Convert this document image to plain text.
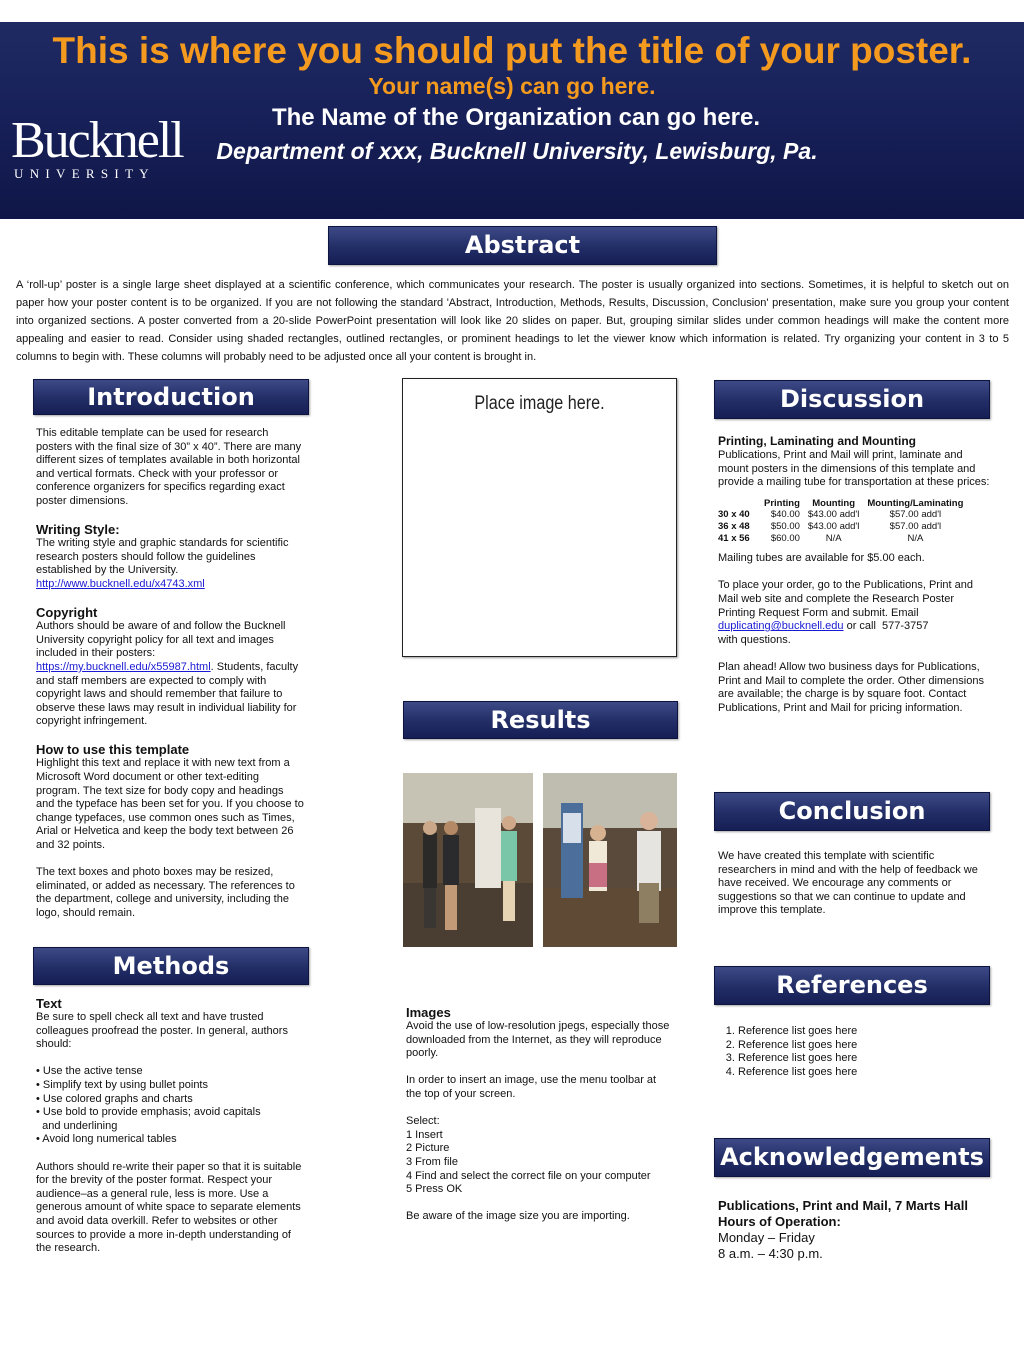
This is where you should put the title of your poster.
Your name(s) can go here.
The Name of the Organization can go here.
Department of xxx, Bucknell University, Lewisburg, Pa.
Bucknell
UNIVERSITY
Abstract
A ‘roll-up’ poster is a single large sheet displayed at a scientific conference, which communicates your research. The poster is usually organized into sections. Sometimes, it is helpful to sketch out on paper how your poster content is to be organized. If you are not following the standard 'Abstract, Introduction, Methods, Results, Discussion, Conclusion' presentation, make sure you group your content into organized sections. A poster converted from a 20-slide PowerPoint presentation will look like 20 slides on paper. But, grouping similar slides under common headings will make the content more appealing and easier to read. Consider using shaded rectangles, outlined rectangles, or prominent headings to let the viewer know which information is related. Try organizing your content in 3 to 5 columns to begin with. These columns will probably need to be adjusted once all your content is brought in.
Introduction
This editable template can be used for research posters with the final size of 30” x 40”. There are many different sizes of templates available in both horizontal and vertical formats. Check with your professor or conference organizers for specifics regarding exact poster dimensions.
Writing Style:
The writing style and graphic standards for scientific research posters should follow the guidelines established by the University.
http://www.bucknell.edu/x4743.xml
Copyright
Authors should be aware of and follow the Bucknell University copyright policy for all text and images included in their posters: https://my.bucknell.edu/x55987.html. Students, faculty and staff members are expected to comply with copyright laws and should remember that failure to observe these laws may result in individual liability for copyright infringement.
How to use this template
Highlight this text and replace it with new text from a Microsoft Word document or other text-editing program. The text size for body copy and headings and the typeface has been set for you. If you choose to change typefaces, use common ones such as Times, Arial or Helvetica and keep the body text between 26 and 32 points.
The text boxes and photo boxes may be resized, eliminated, or added as necessary. The references to the department, college and university, including the logo, should remain.
Methods
Text
Be sure to spell check all text and have trusted colleagues proofread the poster. In general, authors should:
• Use the active tense
• Simplify text by using bullet points
• Use colored graphs and charts
• Use bold to provide emphasis; avoid capitals
and underlining
• Avoid long numerical tables
Authors should re-write their paper so that it is suitable for the brevity of the poster format. Respect your audience–as a general rule, less is more. Use a generous amount of white space to separate elements and avoid data overkill. Refer to websites or other sources to provide a more in-depth understanding of the research.
Place image here.
Results
Images
Avoid the use of low-resolution jpegs, especially those downloaded from the Internet, as they will reproduce poorly.
In order to insert an image, use the menu toolbar at the top of your screen.
Select:
1 Insert
2 Picture
3 From file
4 Find and select the correct file on your computer
5 Press OK
Be aware of the image size you are importing.
Discussion
Printing, Laminating and Mounting
Publications, Print and Mail will print, laminate and mount posters in the dimensions of this template and provide a mailing tube for transportation at these prices:
	Printing	Mounting	Mounting/Laminating
30 x 40	$40.00	$43.00 add'l	$57.00 add'l
36 x 48	$50.00	$43.00 add'l	$57.00 add'l
41 x 56	$60.00	N/A	N/A
Mailing tubes are available for $5.00 each.
To place your order, go to the Publications, Print and Mail web site and complete the Research Poster Printing Request Form and submit. Email
duplicating@bucknell.edu or call  577-3757
with questions.
Plan ahead! Allow two business days for Publications, Print and Mail to complete the order. Other dimensions are available; the charge is by square foot. Contact Publications, Print and Mail for pricing information.
Conclusion
We have created this template with scientific researchers in mind and with the help of feedback we have received. We encourage any comments or suggestions so that we can continue to update and improve this template.
References
1. Reference list goes here
2. Reference list goes here
3. Reference list goes here
4. Reference list goes here
Acknowledgements
Publications, Print and Mail, 7 Marts Hall
Hours of Operation:
Monday – Friday
8 a.m. – 4:30 p.m.
